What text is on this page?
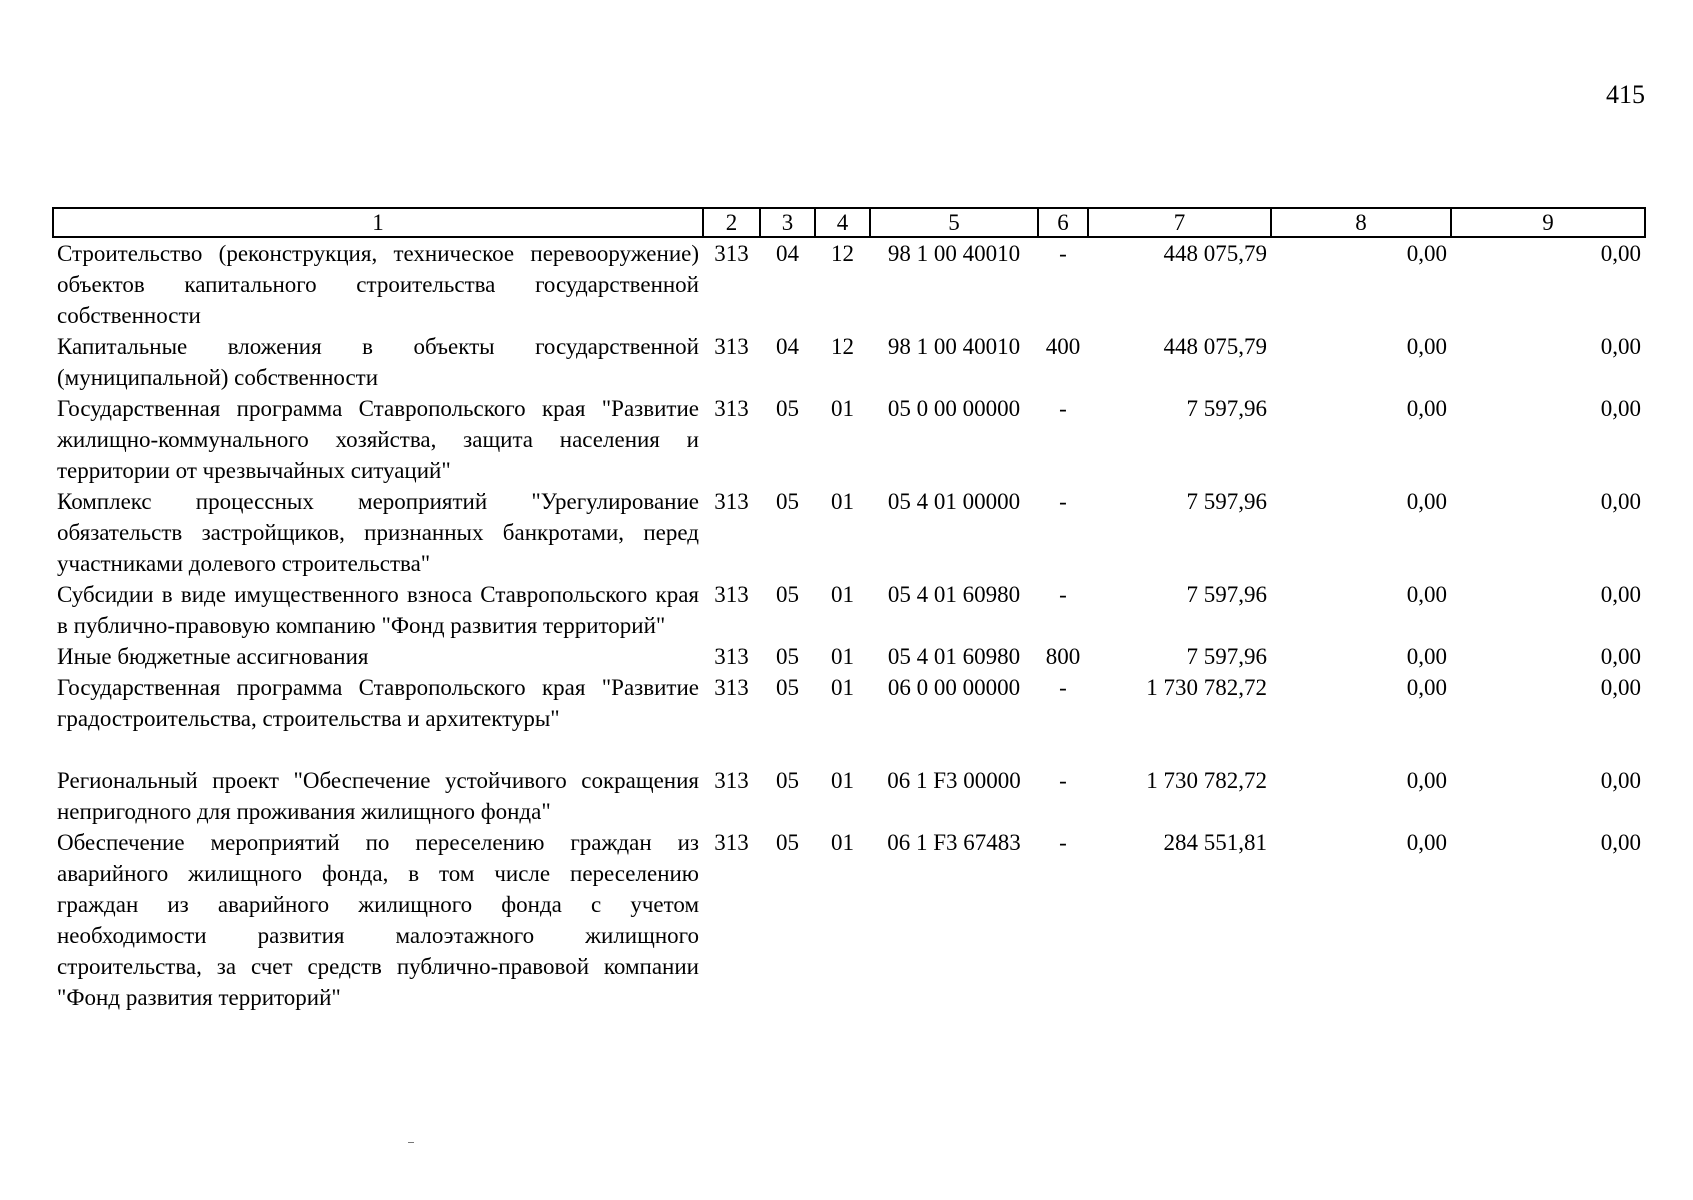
415
1	2	3	4	5	6	7	8	9
Строительство (реконструкция, техническое перевооружение) объектов капитального строительства государственной собственности	313	04	12	98 1 00 40010	-	448 075,79	0,00	0,00
Капитальные вложения в объекты государственной (муниципальной) собственности	313	04	12	98 1 00 40010	400	448 075,79	0,00	0,00
Государственная программа Ставропольского края "Развитие жилищно-коммунального хозяйства, защита населения и территории от чрезвычайных ситуаций"	313	05	01	05 0 00 00000	-	7 597,96	0,00	0,00
Комплекс процессных мероприятий "Урегулирование обязательств застройщиков, признанных банкротами, перед участниками долевого строительства"	313	05	01	05 4 01 00000	-	7 597,96	0,00	0,00
Субсидии в виде имущественного взноса Ставропольского края в публично-правовую компанию "Фонд развития территорий"	313	05	01	05 4 01 60980	-	7 597,96	0,00	0,00
Иные бюджетные ассигнования	313	05	01	05 4 01 60980	800	7 597,96	0,00	0,00
Государственная программа Ставропольского края "Развитие градостроительства, строительства и архитектуры"	313	05	01	06 0 00 00000	-	1 730 782,72	0,00	0,00
Региональный проект "Обеспечение устойчивого сокращения непригодного для проживания жилищного фонда"	313	05	01	06 1 F3 00000	-	1 730 782,72	0,00	0,00
Обеспечение мероприятий по переселению граждан из аварийного жилищного фонда, в том числе переселению граждан из аварийного жилищного фонда с учетом необходимости развития малоэтажного жилищного строительства, за счет средств публично-правовой компании "Фонд развития территорий"	313	05	01	06 1 F3 67483	-	284 551,81	0,00	0,00
